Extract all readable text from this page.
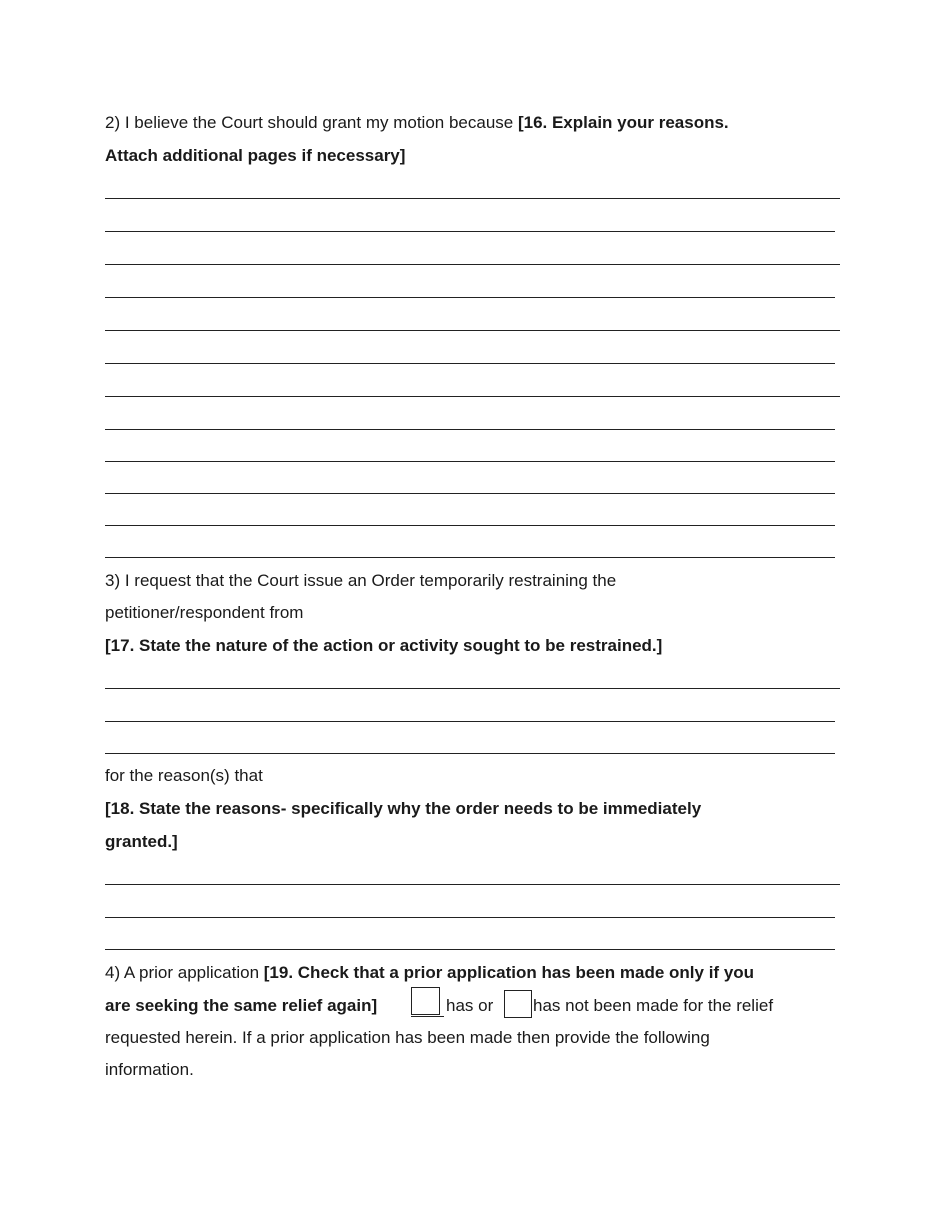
2) I believe the Court should grant my motion because [16. Explain your reasons.
Attach additional pages if necessary]
3) I request that the Court issue an Order temporarily restraining the
petitioner/respondent from
[17. State the nature of the action or activity sought to be restrained.]
for the reason(s) that
[18. State the reasons- specifically why the order needs to be immediately
granted.]
4) A prior application [19. Check that a prior application has been made only if you
are seeking the same relief again]	has or has not been made for the relief
requested herein. If a prior application has been made then provide the following
information.
